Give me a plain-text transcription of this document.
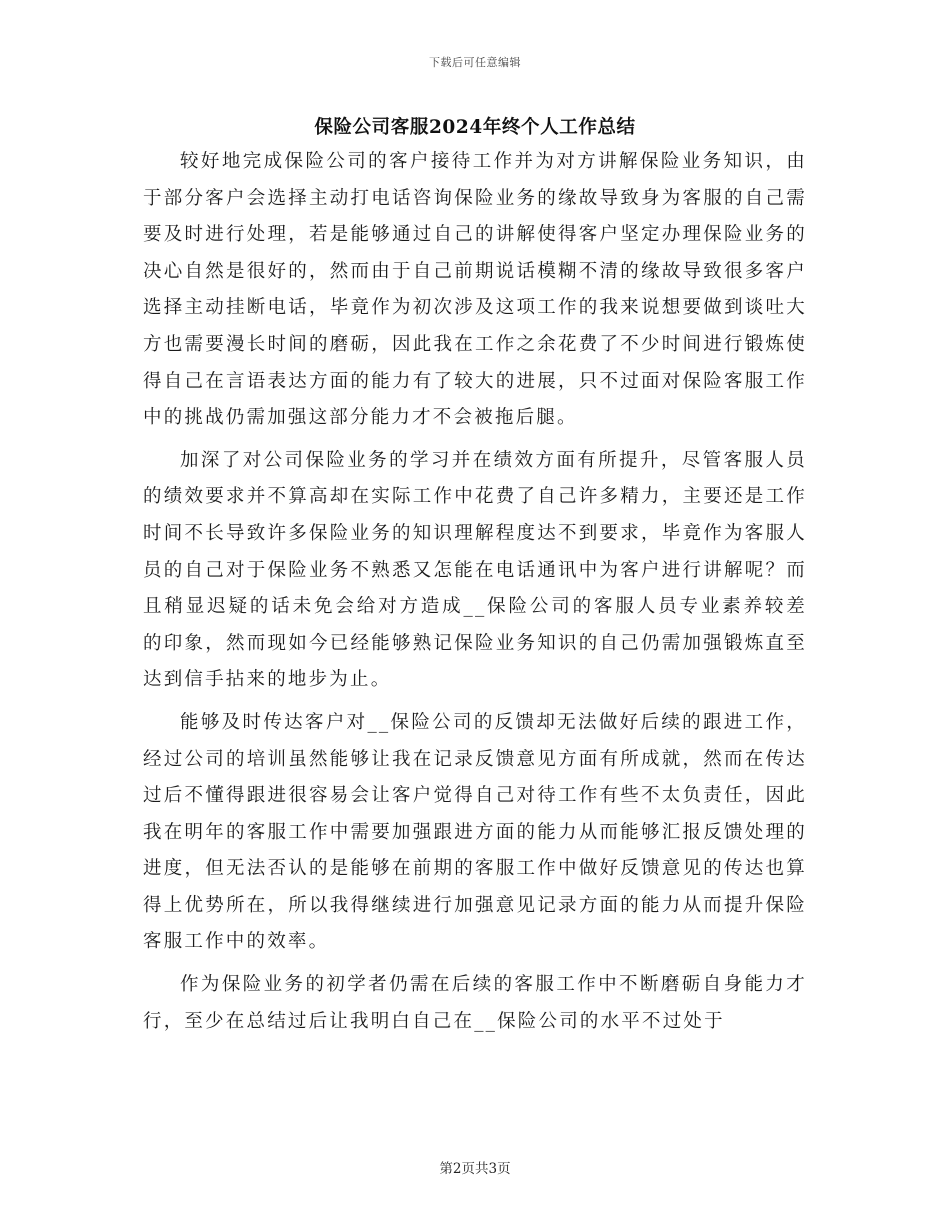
下载后可任意编辑
保险公司客服2024年终个人工作总结

较好地完成保险公司的客户接待工作并为对方讲解保险业务知识，由于部分客户会选择主动打电话咨询保险业务的缘故导致身为客服的自己需要及时进行处理，若是能够通过自己的讲解使得客户坚定办理保险业务的决心自然是很好的，然而由于自己前期说话模糊不清的缘故导致很多客户选择主动挂断电话，毕竟作为初次涉及这项工作的我来说想要做到谈吐大方也需要漫长时间的磨砺，因此我在工作之余花费了不少时间进行锻炼使得自己在言语表达方面的能力有了较大的进展，只不过面对保险客服工作中的挑战仍需加强这部分能力才不会被拖后腿。

加深了对公司保险业务的学习并在绩效方面有所提升，尽管客服人员的绩效要求并不算高却在实际工作中花费了自己许多精力，主要还是工作时间不长导致许多保险业务的知识理解程度达不到要求，毕竟作为客服人员的自己对于保险业务不熟悉又怎能在电话通讯中为客户进行讲解呢？而且稍显迟疑的话未免会给对方造成__保险公司的客服人员专业素养较差的印象，然而现如今已经能够熟记保险业务知识的自己仍需加强锻炼直至达到信手拈来的地步为止。

能够及时传达客户对__保险公司的反馈却无法做好后续的跟进工作，经过公司的培训虽然能够让我在记录反馈意见方面有所成就，然而在传达过后不懂得跟进很容易会让客户觉得自己对待工作有些不太负责任，因此我在明年的客服工作中需要加强跟进方面的能力从而能够汇报反馈处理的进度，但无法否认的是能够在前期的客服工作中做好反馈意见的传达也算得上优势所在，所以我得继续进行加强意见记录方面的能力从而提升保险客服工作中的效率。

作为保险业务的初学者仍需在后续的客服工作中不断磨砺自身能力才行，至少在总结过后让我明白自己在__保险公司的水平不过处于

第2页共3页
